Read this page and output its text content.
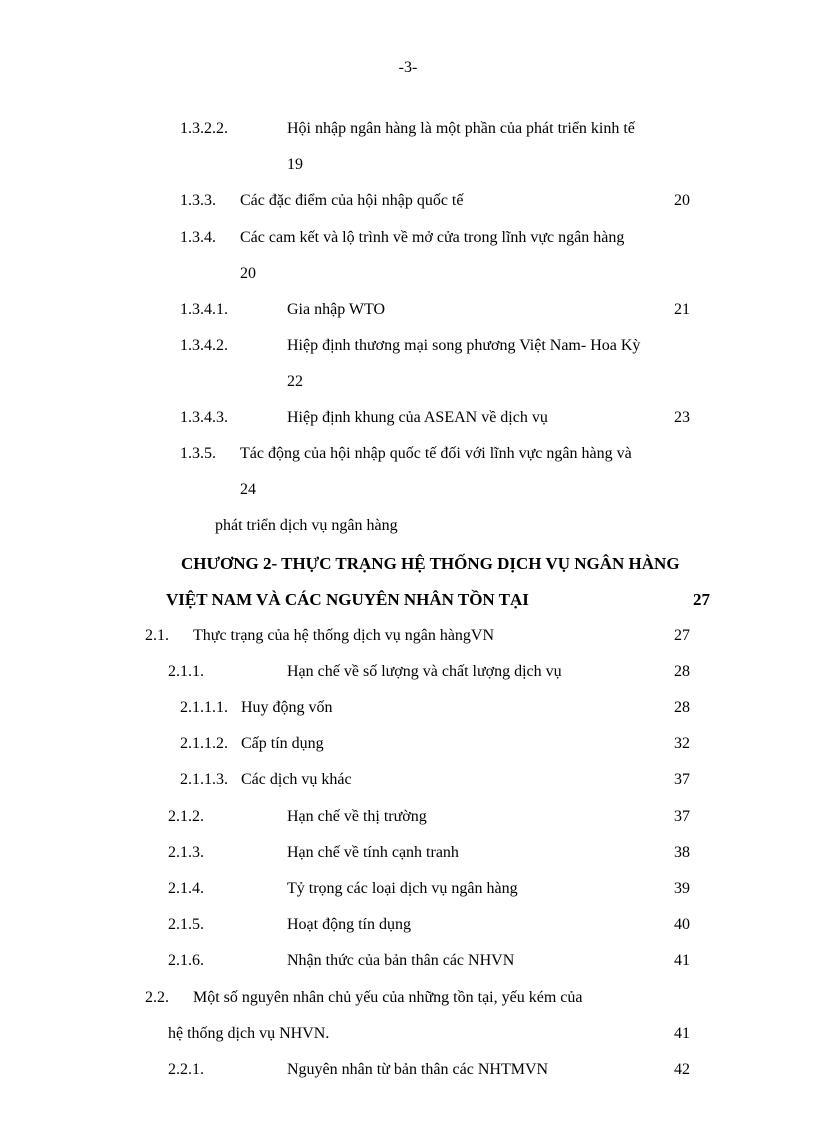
-3-
1.3.2.2.	Hội nhập ngân hàng là một phần của phát triển kinh tế
19
1.3.3. Các đặc điểm của hội nhập quốc tế	20
1.3.4. Các cam kết và lộ trình về mở cửa trong lĩnh vực ngân hàng
20
1.3.4.1.	Gia nhập WTO	21
1.3.4.2.	Hiệp định thương mại song phương Việt Nam- Hoa Kỳ
22
1.3.4.3.	Hiệp định khung của ASEAN về dịch vụ	23
1.3.5. Tác động của hội nhập quốc tế đối với lĩnh vực ngân hàng và
24
phát triển dịch vụ ngân hàng
CHƯƠNG 2- THỰC TRẠNG HỆ THỐNG DỊCH VỤ NGÂN HÀNG
VIỆT NAM VÀ CÁC NGUYÊN NHÂN TỒN TẠI	27
2.1. Thực trạng của hệ thống dịch vụ ngân hàngVN	27
2.1.1.	Hạn chế về số lượng và chất lượng dịch vụ	28
2.1.1.1. Huy động vốn	28
2.1.1.2. Cấp tín dụng	32
2.1.1.3. Các dịch vụ khác	37
2.1.2.	Hạn chế về thị trường	37
2.1.3.	Hạn chế về tính cạnh tranh	38
2.1.4.	Tỷ trọng các loại dịch vụ ngân hàng	39
2.1.5.	Hoạt động tín dụng	40
2.1.6.	Nhận thức của bản thân các NHVN	41
2.2. Một số nguyên nhân chủ yếu của những tồn tại, yếu kém của
hệ thống dịch vụ NHVN.	41
2.2.1.	Nguyên nhân từ bản thân các NHTMVN	42
